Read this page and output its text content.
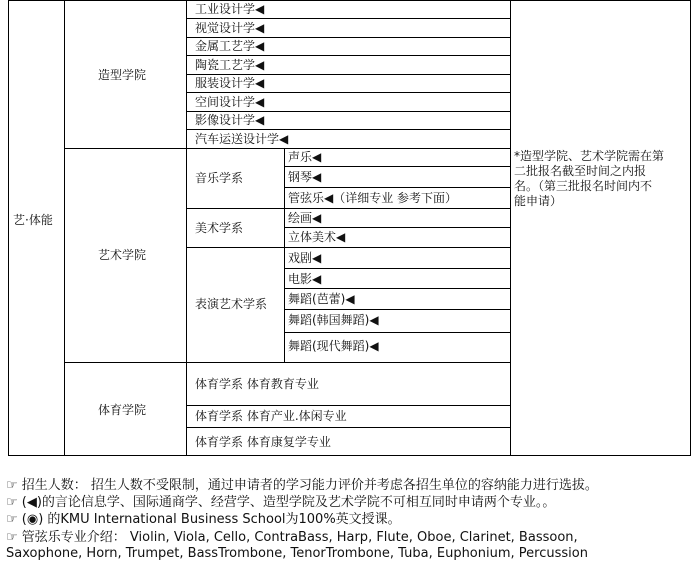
艺·体能
造型学院
工业设计学◀
视觉设计学◀
金属工艺学◀
陶瓷工艺学◀
服装设计学◀
空间设计学◀
影像设计学◀
汽车运送设计学◀
艺术学院
音乐学系
声乐◀
钢琴◀
管弦乐◀（详细专业 参考下面）
美术学系
绘画◀
立体美术◀
表演艺术学系
戏剧◀
电影◀
舞蹈(芭蕾)◀
舞蹈(韩国舞蹈)◀
舞蹈(现代舞蹈)◀
体育学院
体育学系 体育教育专业
体育学系 体育产业.体闲专业
体育学系 体育康复学专业
*造型学院、艺术学院需在第
二批报名截至时间之内报
名。（第三批报名时间内不
能申请）
☞ 招生人数： 招生人数不受限制，通过申请者的学习能力评价并考虑各招生单位的容纳能力进行选拔。
☞ (◀)的言论信息学、国际通商学、经营学、造型学院及艺术学院不可相互同时申请两个专业。。
☞ (◉) 的KMU International Business School为100%英文授课。
☞ 管弦乐专业介绍： Violin, Viola, Cello, ContraBass, Harp, Flute, Oboe, Clarinet, Bassoon,
Saxophone, Horn, Trumpet, BassTrombone, TenorTrombone, Tuba, Euphonium, Percussion
